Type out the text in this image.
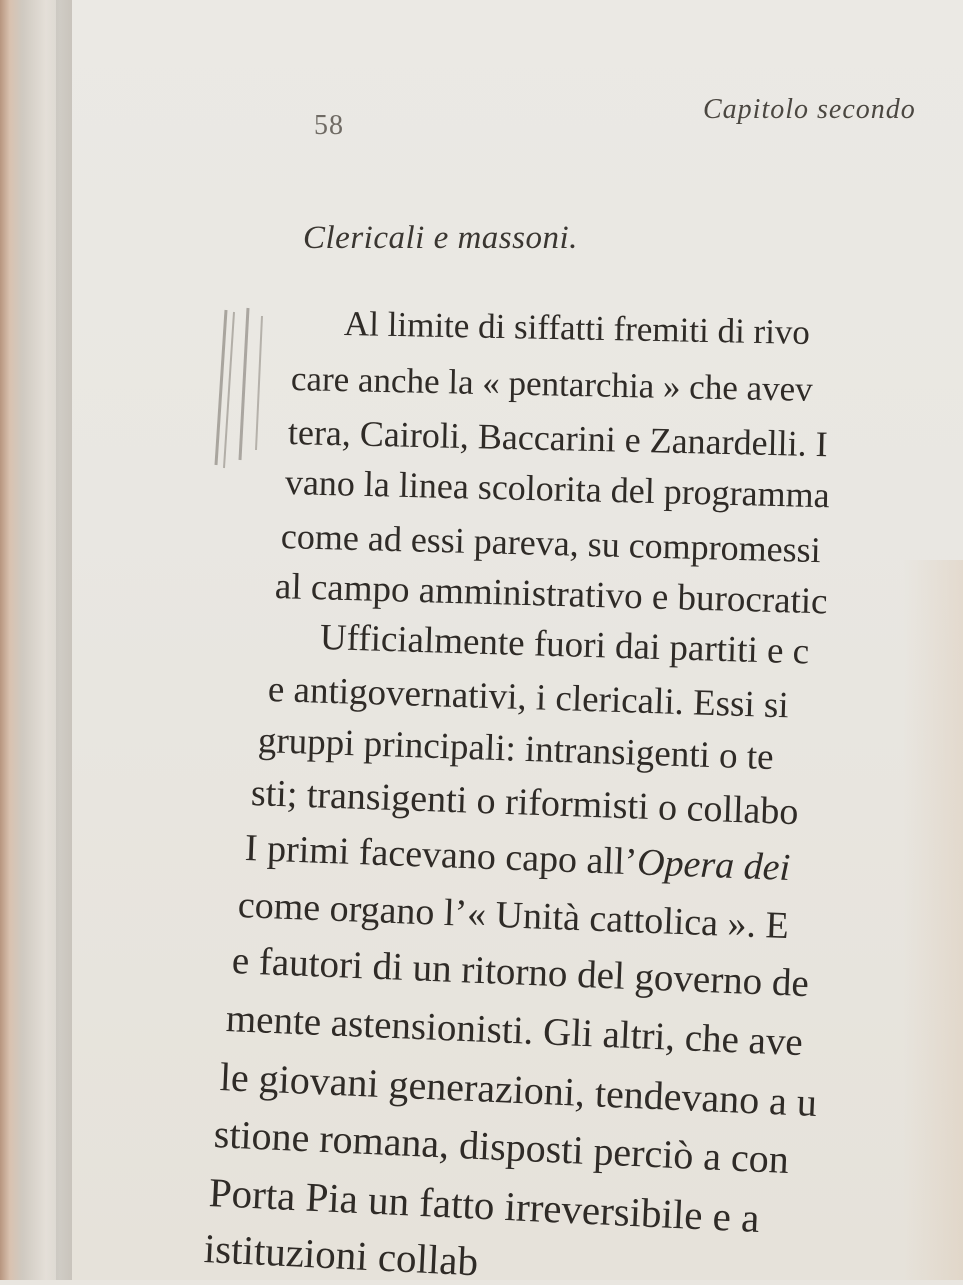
58
Capitolo secondo
Clericali e massoni.
Al limite di siffatti fremiti di rivo
care anche la « pentarchia » che avev
tera, Cairoli, Baccarini e Zanardelli. I
vano la linea scolorita del programma
come ad essi pareva, su compromessi
al campo amministrativo e burocratic
Ufficialmente fuori dai partiti e c
e antigovernativi, i clericali. Essi si
gruppi principali: intransigenti o te
sti; transigenti o riformisti o collabo
I primi facevano capo all’Opera dei
come organo l’« Unità cattolica ». E
e fautori di un ritorno del governo de
mente astensionisti. Gli altri, che ave
le giovani generazioni, tendevano a u
stione romana, disposti perciò a con
Porta Pia un fatto irreversibile e a
istituzioni collab
